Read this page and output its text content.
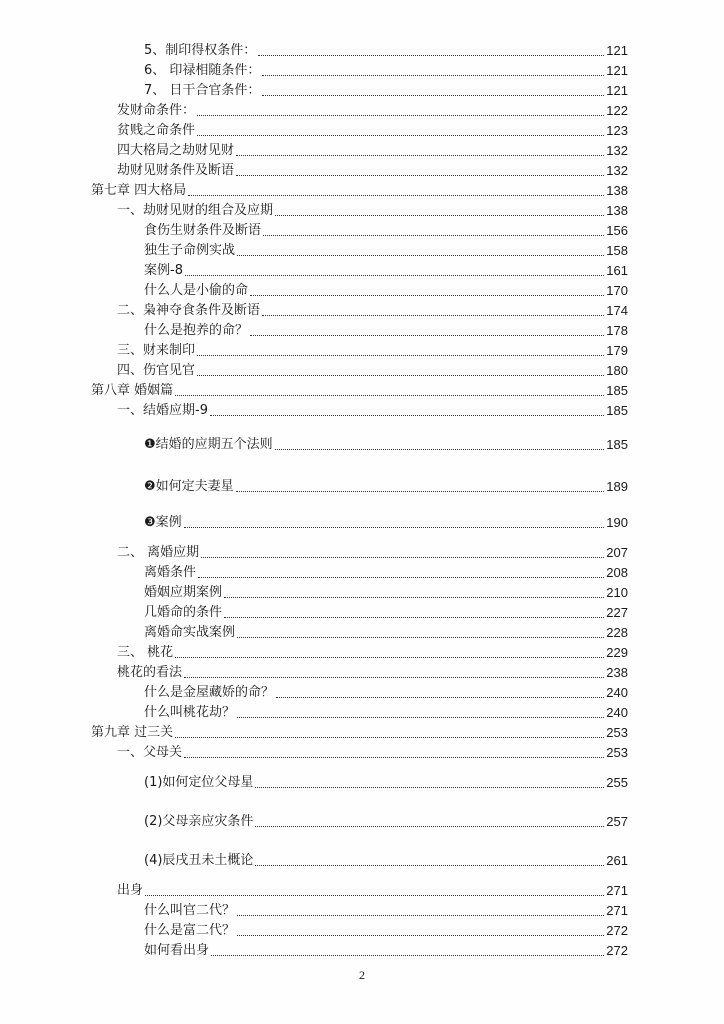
5、制印得权条件：	121
6、 印禄相随条件：	121
7、 日干合官条件：	121
发财命条件：	122
贫贱之命条件	123
四大格局之劫财见财	132
劫财见财条件及断语	132
第七章 四大格局	138
一、劫财见财的组合及应期	138
食伤生财条件及断语	156
独生子命例实战	158
案例-8	161
什么人是小偷的命	170
二、枭神夺食条件及断语	174
什么是抱养的命？	178
三、财来制印	179
四、伤官见官	180
第八章 婚姻篇	185
一、结婚应期-9	185
❶结婚的应期五个法则	185
❷如何定夫妻星	189
❸案例	190
二、 离婚应期	207
离婚条件	208
婚姻应期案例	210
几婚命的条件	227
离婚命实战案例	228
三、 桃花	229
桃花的看法	238
什么是金屋藏娇的命？	240
什么叫桃花劫？	240
第九章 过三关	253
一、父母关	253
(1)如何定位父母星	255
(2)父母亲应灾条件	257
(4)辰戌丑未土概论	261
出身	271
什么叫官二代？	271
什么是富二代？	272
如何看出身	272
2
